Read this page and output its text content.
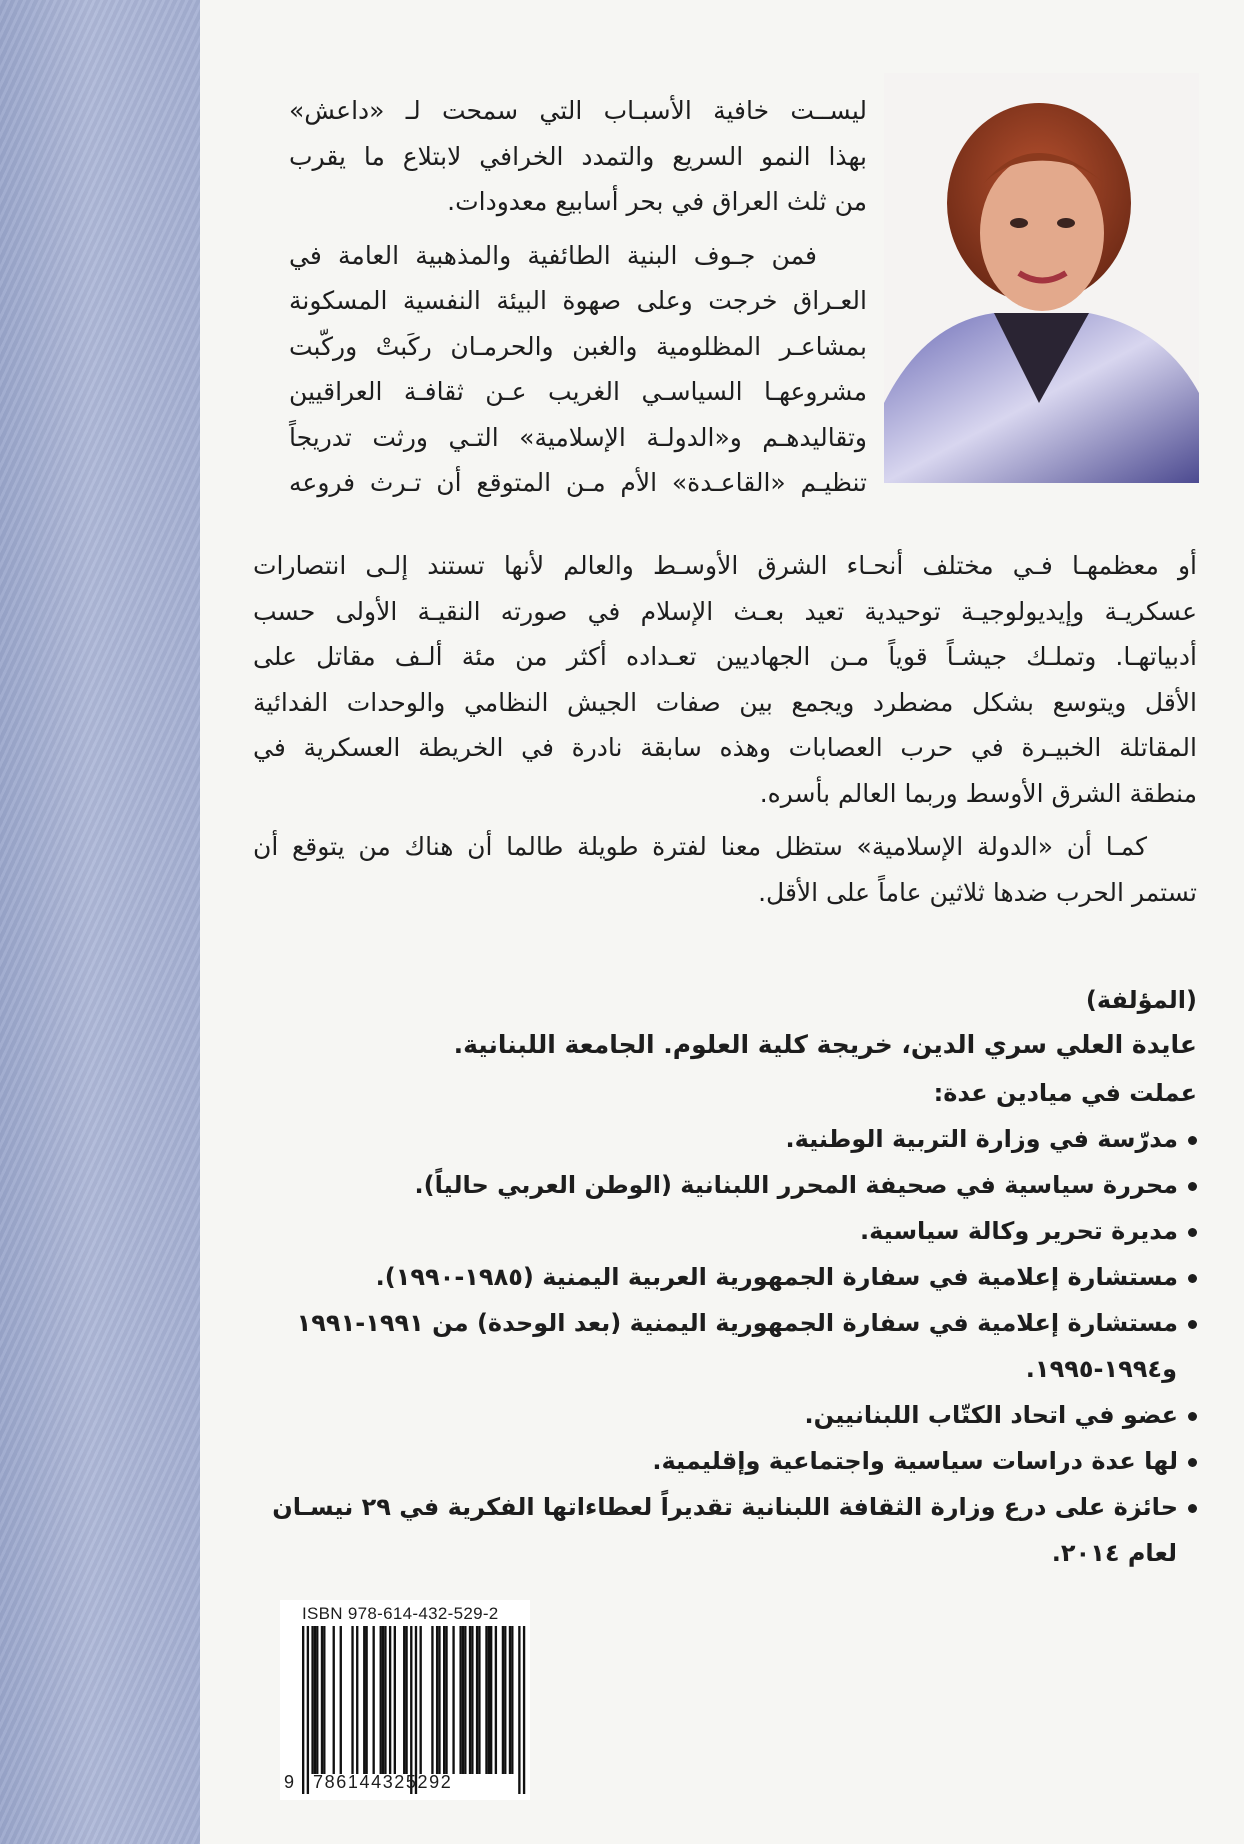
ليســت خافية الأسبـاب التي سمحت لـ «داعش»
بهذا النمو السريع والتمدد الخرافي لابتلاع ما يقرب
من ثلث العراق في بحر أسابيع معدودات.
فمن جـوف البنية الطائفية والمذهبية العامة في
العـراق خرجت وعلى صهوة البيئة النفسية المسكونة
بمشاعـر المظلومية والغبن والحرمـان ركَبتْ وركّبت
مشروعهـا السياسـي الغريب عـن ثقافـة العراقيين
وتقاليدهـم و«الدولـة الإسلامية» التـي ورثت تدريجاً
تنظيـم «القاعـدة» الأم مـن المتوقع أن تـرث فروعه
أو معظمهـا فـي مختلف أنحـاء الشرق الأوسـط والعالم لأنها تستند إلـى انتصارات
عسكريـة وإيديولوجيـة توحيدية تعيد بعـث الإسلام في صورته النقيـة الأولى حسب
أدبياتهـا. وتملـك جيشـاً قوياً مـن الجهاديين تعـداده أكثر من مئة ألـف مقاتل على
الأقل ويتوسع بشكل مضطرد ويجمع بين صفات الجيش النظامي والوحدات الفدائية
المقاتلة الخبيـرة في حرب العصابات وهذه سابقة نادرة في الخريطة العسكرية في
منطقة الشرق الأوسط وربما العالم بأسره.
كمـا أن «الدولة الإسلامية» ستظل معنا لفترة طويلة طالما أن هناك من يتوقع أن
تستمر الحرب ضدها ثلاثين عاماً على الأقل.
(المؤلفة)
عايدة العلي سري الدين، خريجة كلية العلوم. الجامعة اللبنانية.
عملت في ميادين عدة:
مدرّسة في وزارة التربية الوطنية.
محررة سياسية في صحيفة المحرر اللبنانية (الوطن العربي حالياً).
مديرة تحرير وكالة سياسية.
مستشارة إعلامية في سفارة الجمهورية العربية اليمنية (١٩٨٥-١٩٩٠).
مستشارة إعلامية في سفارة الجمهورية اليمنية (بعد الوحدة) من ١٩٩١-١٩٩١
و١٩٩٤-١٩٩٥.
عضو في اتحاد الكتّاب اللبنانيين.
لها عدة دراسات سياسية واجتماعية وإقليمية.
حائزة على درع وزارة الثقافة اللبنانية تقديراً لعطاءاتها الفكرية في ٢٩ نيسـان
لعام ٢٠١٤.
ISBN 978-614-432-529-2
9 786144325292
